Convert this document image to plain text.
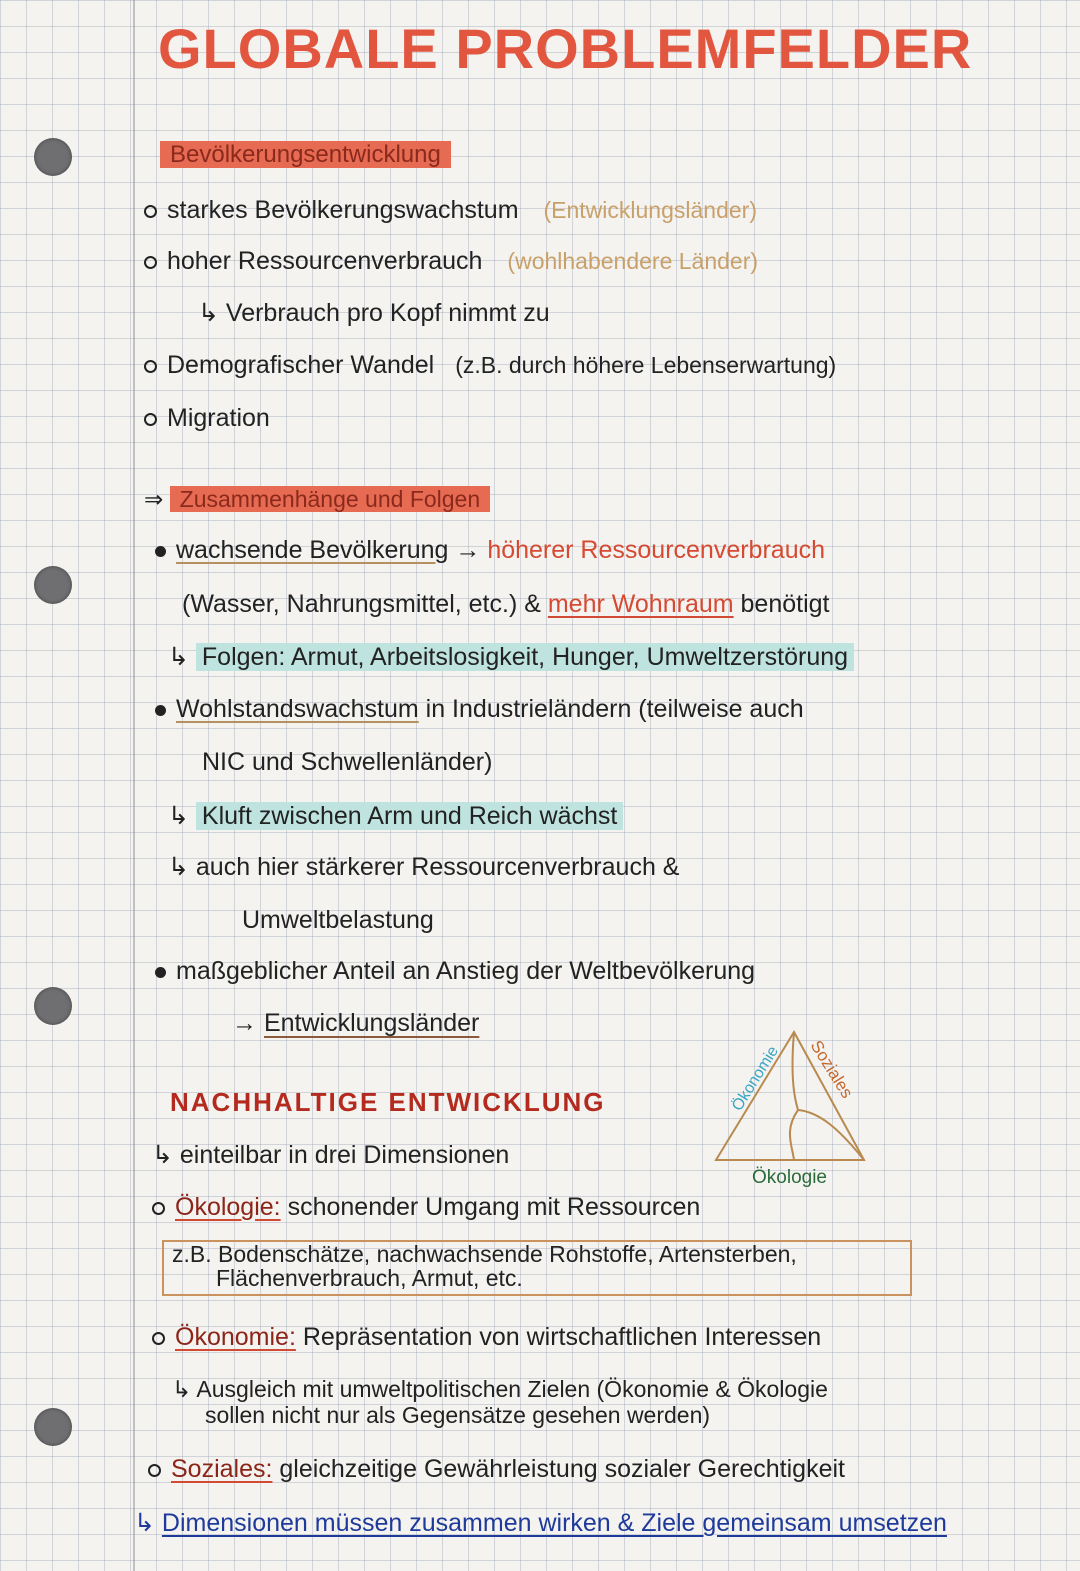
GLOBALE PROBLEMFELDER
Bevölkerungsentwicklung
starkes Bevölkerungswachstum (Entwicklungsländer)
hoher Ressourcenverbrauch (wohlhabendere Länder)
↳ Verbrauch pro Kopf nimmt zu
Demografischer Wandel (z.B. durch höhere Lebenserwartung)
Migration
⇒ Zusammenhänge und Folgen
wachsende Bevölkerung → höherer Ressourcenverbrauch
(Wasser, Nahrungsmittel, etc.) & mehr Wohnraum benötigt
↳ Folgen: Armut, Arbeitslosigkeit, Hunger, Umweltzerstörung
Wohlstandswachstum in Industrieländern (teilweise auch
NIC und Schwellenländer)
↳ Kluft zwischen Arm und Reich wächst
↳ auch hier stärkerer Ressourcenverbrauch &
Umweltbelastung
maßgeblicher Anteil an Anstieg der Weltbevölkerung
→ Entwicklungsländer
NACHHALTIGE ENTWICKLUNG
↳ einteilbar in drei Dimensionen
Ökonomie Soziales
Ökologie
Ökologie: schonender Umgang mit Ressourcen
z.B. Bodenschätze, nachwachsende Rohstoffe, Artensterben,
Flächenverbrauch, Armut, etc.
Ökonomie: Repräsentation von wirtschaftlichen Interessen
↳ Ausgleich mit umweltpolitischen Zielen (Ökonomie & Ökologie
sollen nicht nur als Gegensätze gesehen werden)
Soziales: gleichzeitige Gewährleistung sozialer Gerechtigkeit
↳ Dimensionen müssen zusammen wirken & Ziele gemeinsam umsetzen
